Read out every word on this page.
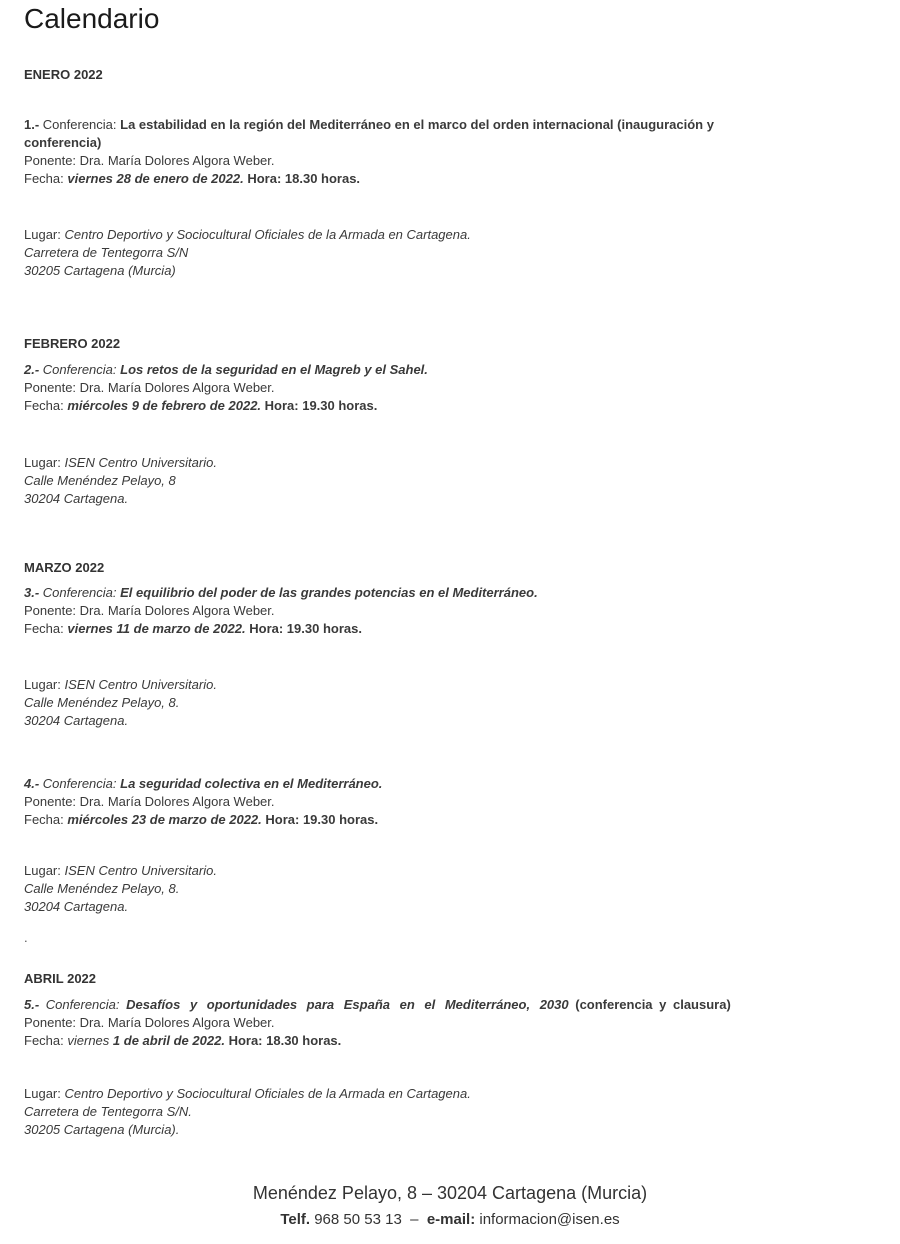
Calendario
ENERO 2022
1.- Conferencia: La estabilidad en la región del Mediterráneo en el marco del orden internacional (inauguración y
conferencia)
Ponente: Dra. María Dolores Algora Weber.
Fecha: viernes 28 de enero de 2022. Hora: 18.30 horas.
Lugar: Centro Deportivo y Sociocultural Oficiales de la Armada en Cartagena.
Carretera de Tentegorra S/N
30205 Cartagena (Murcia)
FEBRERO 2022
2.- Conferencia: Los retos de la seguridad en el Magreb y el Sahel.
Ponente: Dra. María Dolores Algora Weber.
Fecha: miércoles 9 de febrero de 2022. Hora: 19.30 horas.
Lugar: ISEN Centro Universitario.
Calle Menéndez Pelayo, 8
30204 Cartagena.
MARZO 2022
3.- Conferencia: El equilibrio del poder de las grandes potencias en el Mediterráneo.
Ponente: Dra. María Dolores Algora Weber.
Fecha: viernes 11 de marzo de 2022. Hora: 19.30 horas.
Lugar: ISEN Centro Universitario.
Calle Menéndez Pelayo, 8.
30204 Cartagena.
4.- Conferencia: La seguridad colectiva en el Mediterráneo.
Ponente: Dra. María Dolores Algora Weber.
Fecha: miércoles 23 de marzo de 2022. Hora: 19.30 horas.
Lugar: ISEN Centro Universitario.
Calle Menéndez Pelayo, 8.
30204 Cartagena.
.
ABRIL 2022
5.- Conferencia: Desafíos y oportunidades para España en el Mediterráneo, 2030 (conferencia y clausura)
Ponente: Dra. María Dolores Algora Weber.
Fecha: viernes 1 de abril de 2022. Hora: 18.30 horas.
Lugar: Centro Deportivo y Sociocultural Oficiales de la Armada en Cartagena.
Carretera de Tentegorra S/N.
30205 Cartagena (Murcia).
Menéndez Pelayo, 8 – 30204 Cartagena (Murcia)
Telf. 968 50 53 13 – e-mail: informacion@isen.es
